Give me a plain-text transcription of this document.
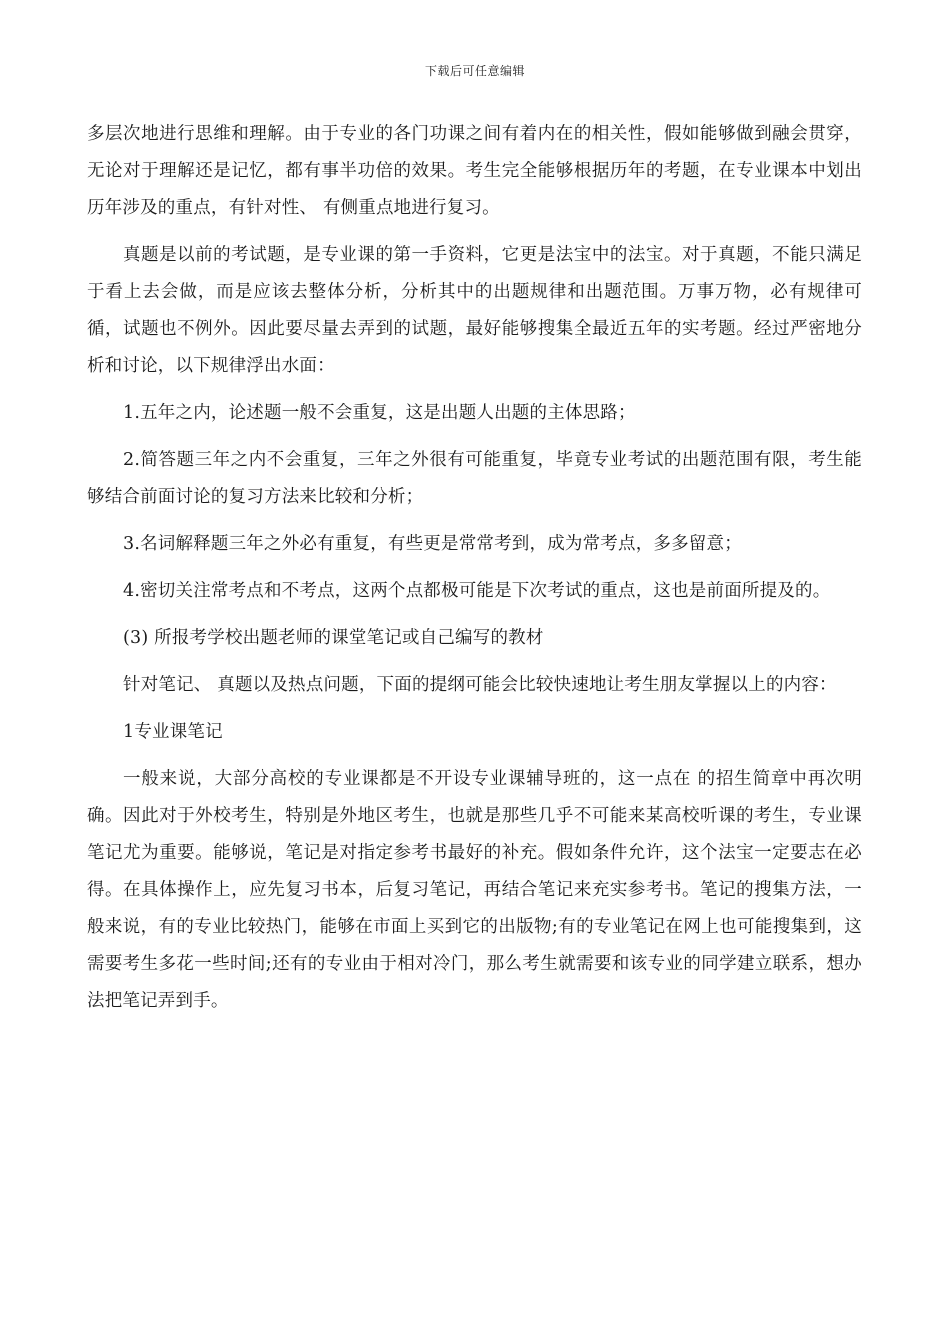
下载后可任意编辑

多层次地进行思维和理解。由于专业的各门功课之间有着内在的相关性，假如能够做到融会贯穿，无论对于理解还是记忆，都有事半功倍的效果。考生完全能够根据历年的考题，在专业课本中划出历年涉及的重点，有针对性、 有侧重点地进行复习。

真题是以前的考试题，是专业课的第一手资料，它更是法宝中的法宝。对于真题，不能只满足于看上去会做，而是应该去整体分析，分析其中的出题规律和出题范围。万事万物，必有规律可循，试题也不例外。因此要尽量去弄到的试题，最好能够搜集全最近五年的实考题。经过严密地分析和讨论，以下规律浮出水面：

1.五年之内，论述题一般不会重复，这是出题人出题的主体思路；

2.简答题三年之内不会重复，三年之外很有可能重复，毕竟专业考试的出题范围有限，考生能够结合前面讨论的复习方法来比较和分析；

3.名词解释题三年之外必有重复，有些更是常常考到，成为常考点，多多留意；

4.密切关注常考点和不考点，这两个点都极可能是下次考试的重点，这也是前面所提及的。

(3) 所报考学校出题老师的课堂笔记或自己编写的教材

针对笔记、 真题以及热点问题，下面的提纲可能会比较快速地让考生朋友掌握以上的内容：

1专业课笔记

一般来说，大部分高校的专业课都是不开设专业课辅导班的，这一点在 的招生简章中再次明确。因此对于外校考生，特别是外地区考生，也就是那些几乎不可能来某高校听课的考生，专业课笔记尤为重要。能够说，笔记是对指定参考书最好的补充。假如条件允许，这个法宝一定要志在必得。在具体操作上，应先复习书本，后复习笔记，再结合笔记来充实参考书。笔记的搜集方法，一般来说，有的专业比较热门，能够在市面上买到它的出版物;有的专业笔记在网上也可能搜集到，这需要考生多花一些时间;还有的专业由于相对冷门，那么考生就需要和该专业的同学建立联系，想办法把笔记弄到手。
